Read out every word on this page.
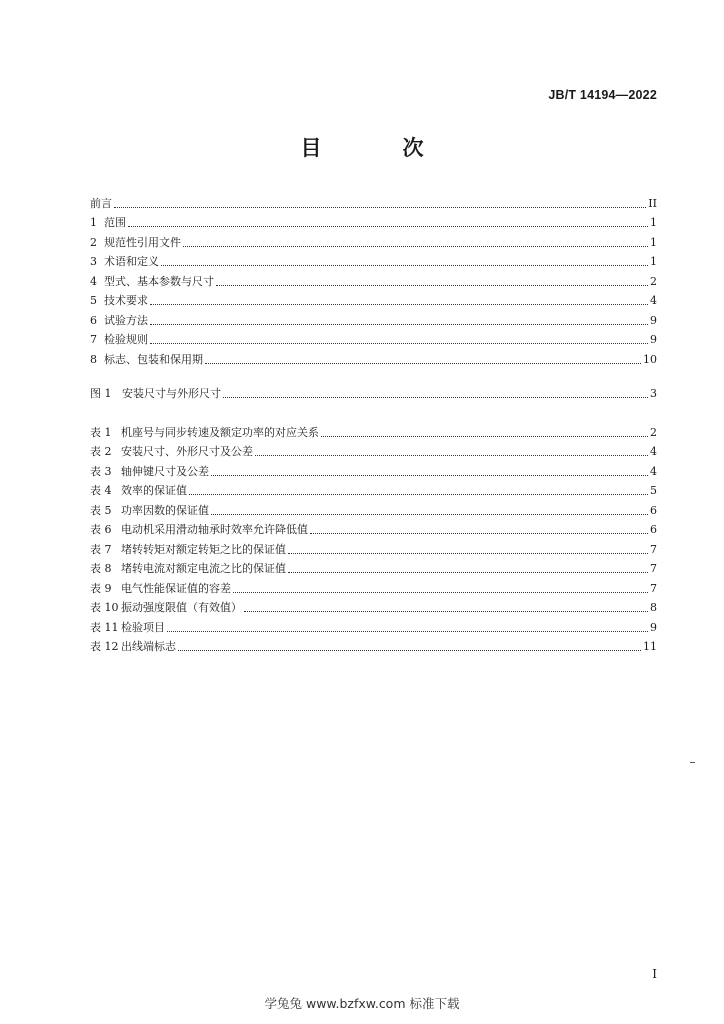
JB/T 14194—2022
目　次
前言	II
1 范围	1
2 规范性引用文件	1
3 术语和定义	1
4 型式、基本参数与尺寸	2
5 技术要求	4
6 试验方法	9
7 检验规则	9
8 标志、包装和保用期	10
图 1 安装尺寸与外形尺寸	3
表 1 机座号与同步转速及额定功率的对应关系	2
表 2 安装尺寸、外形尺寸及公差	4
表 3 轴伸键尺寸及公差	4
表 4 效率的保证值	5
表 5 功率因数的保证值	6
表 6 电动机采用滑动轴承时效率允许降低值	6
表 7 堵转转矩对额定转矩之比的保证值	7
表 8 堵转电流对额定电流之比的保证值	7
表 9 电气性能保证值的容差	7
表 10 振动强度限值（有效值）	8
表 11 检验项目	9
表 12 出线端标志	11
I
学兔兔 www.bzfxw.com 标准下载
